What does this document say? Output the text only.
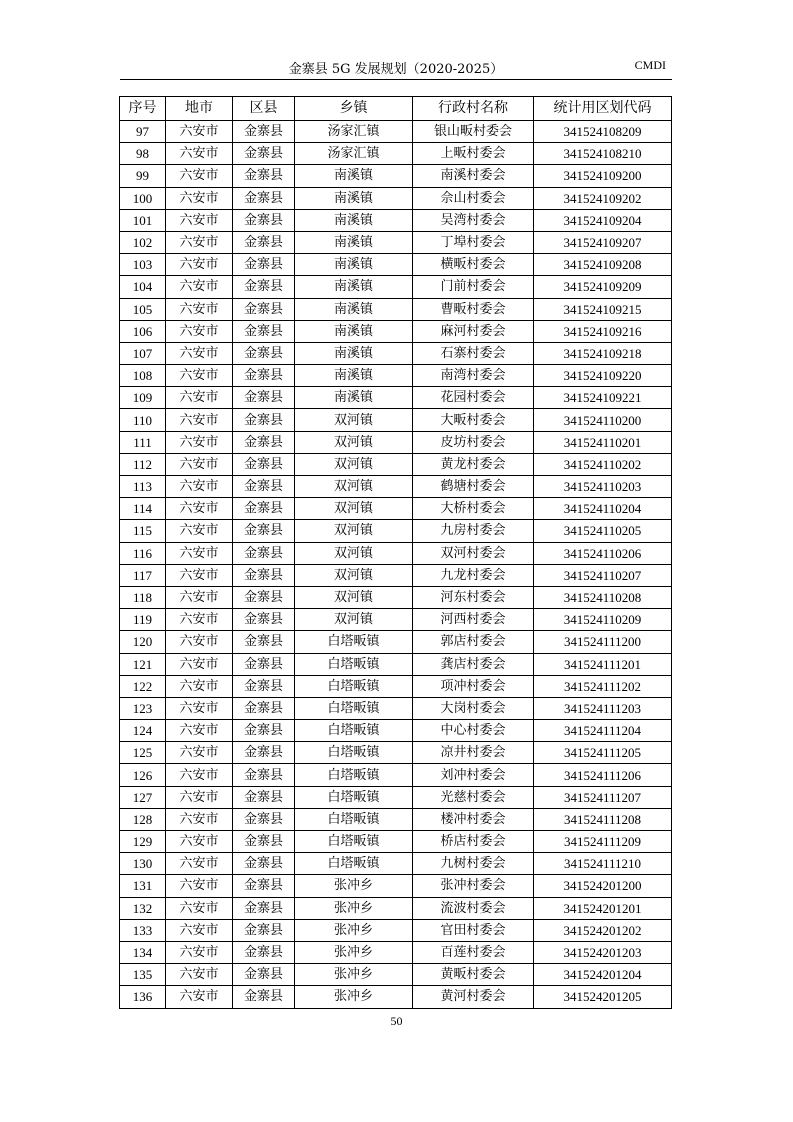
金寨县 5G 发展规划（2020-2025）	CMDI
序号	地市	区县	乡镇	行政村名称	统计用区划代码
97	六安市	金寨县	汤家汇镇	银山畈村委会	341524108209
98	六安市	金寨县	汤家汇镇	上畈村委会	341524108210
99	六安市	金寨县	南溪镇	南溪村委会	341524109200
100	六安市	金寨县	南溪镇	佘山村委会	341524109202
101	六安市	金寨县	南溪镇	吴湾村委会	341524109204
102	六安市	金寨县	南溪镇	丁埠村委会	341524109207
103	六安市	金寨县	南溪镇	横畈村委会	341524109208
104	六安市	金寨县	南溪镇	门前村委会	341524109209
105	六安市	金寨县	南溪镇	曹畈村委会	341524109215
106	六安市	金寨县	南溪镇	麻河村委会	341524109216
107	六安市	金寨县	南溪镇	石寨村委会	341524109218
108	六安市	金寨县	南溪镇	南湾村委会	341524109220
109	六安市	金寨县	南溪镇	花园村委会	341524109221
110	六安市	金寨县	双河镇	大畈村委会	341524110200
111	六安市	金寨县	双河镇	皮坊村委会	341524110201
112	六安市	金寨县	双河镇	黄龙村委会	341524110202
113	六安市	金寨县	双河镇	鹤塘村委会	341524110203
114	六安市	金寨县	双河镇	大桥村委会	341524110204
115	六安市	金寨县	双河镇	九房村委会	341524110205
116	六安市	金寨县	双河镇	双河村委会	341524110206
117	六安市	金寨县	双河镇	九龙村委会	341524110207
118	六安市	金寨县	双河镇	河东村委会	341524110208
119	六安市	金寨县	双河镇	河西村委会	341524110209
120	六安市	金寨县	白塔畈镇	郭店村委会	341524111200
121	六安市	金寨县	白塔畈镇	龚店村委会	341524111201
122	六安市	金寨县	白塔畈镇	项冲村委会	341524111202
123	六安市	金寨县	白塔畈镇	大岗村委会	341524111203
124	六安市	金寨县	白塔畈镇	中心村委会	341524111204
125	六安市	金寨县	白塔畈镇	凉井村委会	341524111205
126	六安市	金寨县	白塔畈镇	刘冲村委会	341524111206
127	六安市	金寨县	白塔畈镇	光慈村委会	341524111207
128	六安市	金寨县	白塔畈镇	楼冲村委会	341524111208
129	六安市	金寨县	白塔畈镇	桥店村委会	341524111209
130	六安市	金寨县	白塔畈镇	九树村委会	341524111210
131	六安市	金寨县	张冲乡	张冲村委会	341524201200
132	六安市	金寨县	张冲乡	流波村委会	341524201201
133	六安市	金寨县	张冲乡	官田村委会	341524201202
134	六安市	金寨县	张冲乡	百莲村委会	341524201203
135	六安市	金寨县	张冲乡	黄畈村委会	341524201204
136	六安市	金寨县	张冲乡	黄河村委会	341524201205
50
